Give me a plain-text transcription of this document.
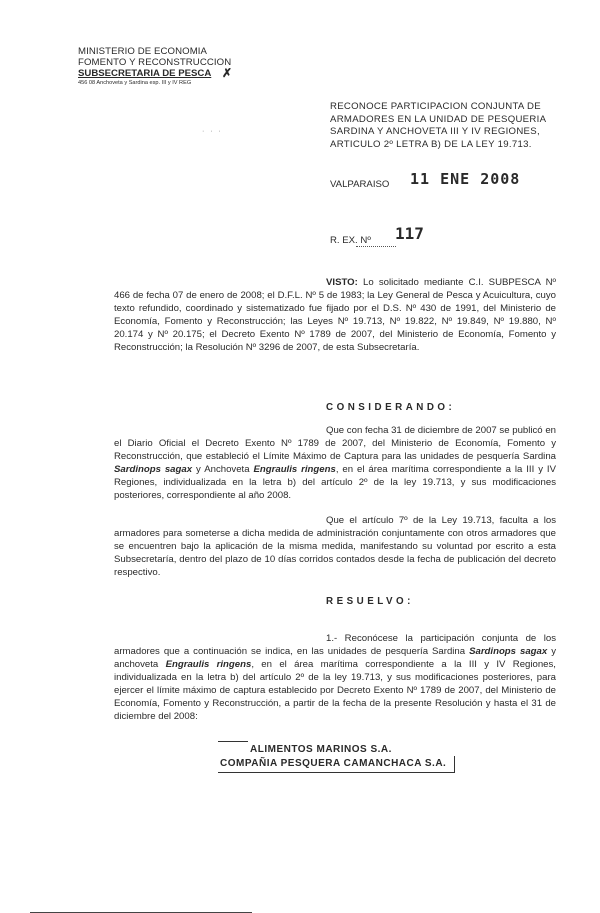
MINISTERIO DE ECONOMIA
FOMENTO Y RECONSTRUCCION
SUBSECRETARIA DE PESCA
456 08 Anchoveta y Sardina esp. III y IV REG
✗
· · ·
RECONOCE PARTICIPACION CONJUNTA DE ARMADORES EN LA UNIDAD DE PESQUERIA SARDINA Y ANCHOVETA III Y IV REGIONES, ARTICULO 2º LETRA B) DE LA LEY 19.713.
VALPARAISO 11 ENE 2008
R. EX. Nº 117
VISTO: Lo solicitado mediante C.I. SUBPESCA Nº 466 de fecha 07 de enero de 2008; el D.F.L. Nº 5 de 1983; la Ley General de Pesca y Acuicultura, cuyo texto refundido, coordinado y sistematizado fue fijado por el D.S. Nº 430 de 1991, del Ministerio de Economía, Fomento y Reconstrucción; las Leyes Nº 19.713, Nº 19.822, Nº 19.849, Nº 19.880, Nº 20.174 y Nº 20.175; el Decreto Exento Nº 1789 de 2007, del Ministerio de Economía, Fomento y Reconstrucción; la Resolución Nº 3296 de 2007, de esta Subsecretaría.
CONSIDERANDO:
Que con fecha 31 de diciembre de 2007 se publicó en el Diario Oficial el Decreto Exento Nº 1789 de 2007, del Ministerio de Economía, Fomento y Reconstrucción, que estableció el Límite Máximo de Captura para las unidades de pesquería Sardina Sardinops sagax y Anchoveta Engraulis ringens, en el área marítima correspondiente a la III y IV Regiones, individualizada en la letra b) del artículo 2º de la ley 19.713, y sus modificaciones posteriores, correspondiente al año 2008.
Que el artículo 7º de la Ley 19.713, faculta a los armadores para someterse a dicha medida de administración conjuntamente con otros armadores que se encuentren bajo la aplicación de la misma medida, manifestando su voluntad por escrito a esta Subsecretaría, dentro del plazo de 10 días corridos contados desde la fecha de publicación del decreto respectivo.
RESUELVO:
1.- Reconócese la participación conjunta de los armadores que a continuación se indica, en las unidades de pesquería Sardina Sardinops sagax y anchoveta Engraulis ringens, en el área marítima correspondiente a la III y IV Regiones, individualizada en la letra b) del artículo 2º de la ley 19.713, y sus modificaciones posteriores, para ejercer el límite máximo de captura establecido por Decreto Exento Nº 1789 de 2007, del Ministerio de Economía, Fomento y Reconstrucción, a partir de la fecha de la presente Resolución y hasta el 31 de diciembre del 2008:
ALIMENTOS MARINOS S.A.
COMPAÑIA PESQUERA CAMANCHACA S.A.
